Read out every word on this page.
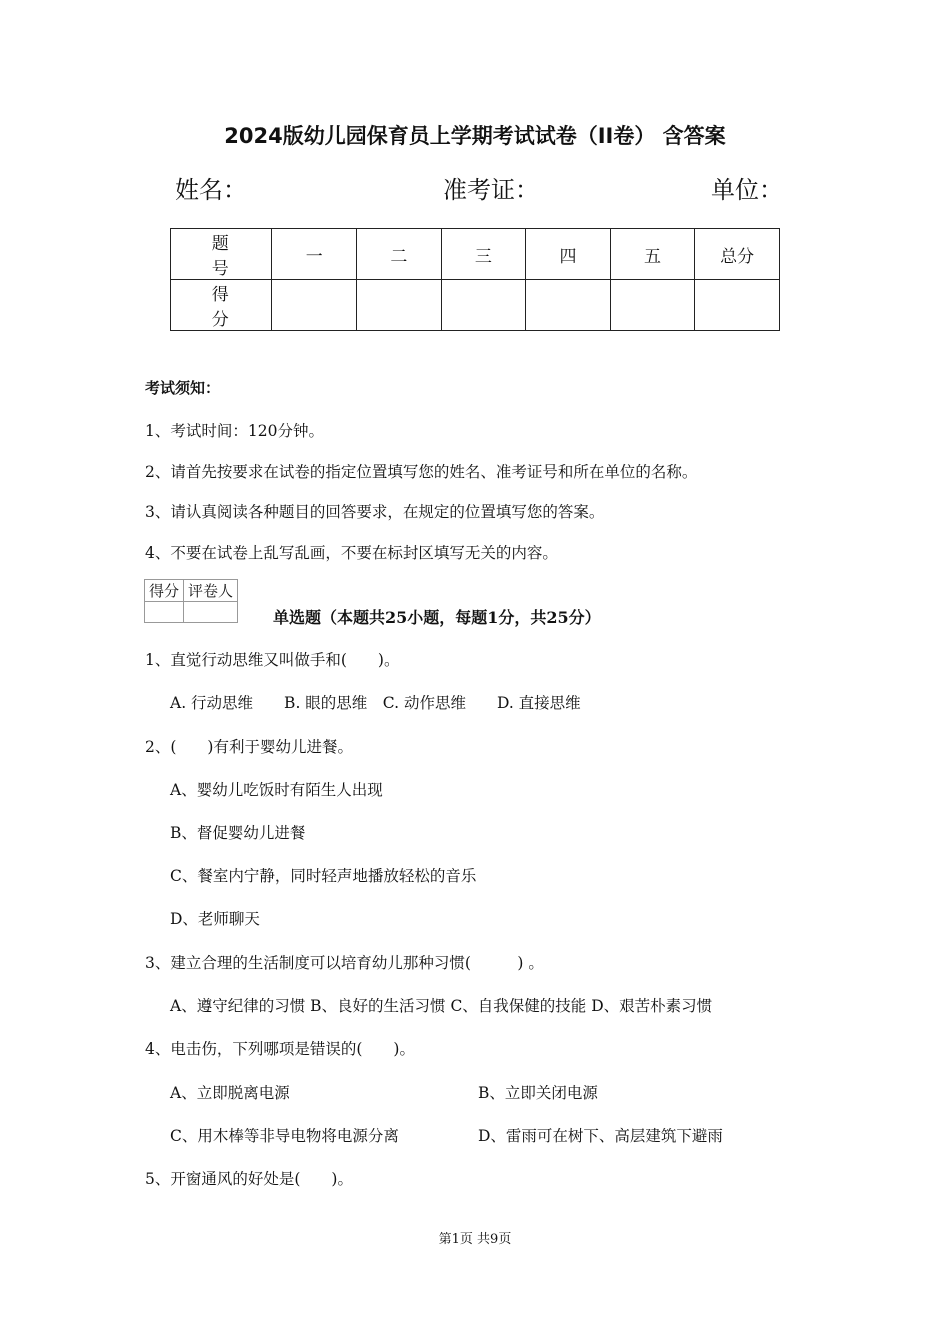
2024版幼儿园保育员上学期考试试卷（II卷） 含答案
姓名：	准考证：	单位：
题 号	一	二	三	四	五	总分
得 分						
考试须知：
1、考试时间：120分钟。
2、请首先按要求在试卷的指定位置填写您的姓名、准考证号和所在单位的名称。
3、请认真阅读各种题目的回答要求，在规定的位置填写您的答案。
4、不要在试卷上乱写乱画，不要在标封区填写无关的内容。
得分	评卷人

单选题（本题共25小题，每题1分，共25分）
1、直觉行动思维又叫做手和(　　)。
A. 行动思维　　B. 眼的思维　C. 动作思维　　D. 直接思维
2、(　　)有利于婴幼儿进餐。
A、婴幼儿吃饭时有陌生人出现
B、督促婴幼儿进餐
C、餐室内宁静，同时轻声地播放轻松的音乐
D、老师聊天
3、建立合理的生活制度可以培育幼儿那种习惯(　　　) 。
A、遵守纪律的习惯 B、良好的生活习惯 C、自我保健的技能 D、艰苦朴素习惯
4、电击伤，下列哪项是错误的(　　)。
A、立即脱离电源	B、立即关闭电源
C、用木棒等非导电物将电源分离	D、雷雨可在树下、高层建筑下避雨
5、开窗通风的好处是(　　)。
第1页 共9页
